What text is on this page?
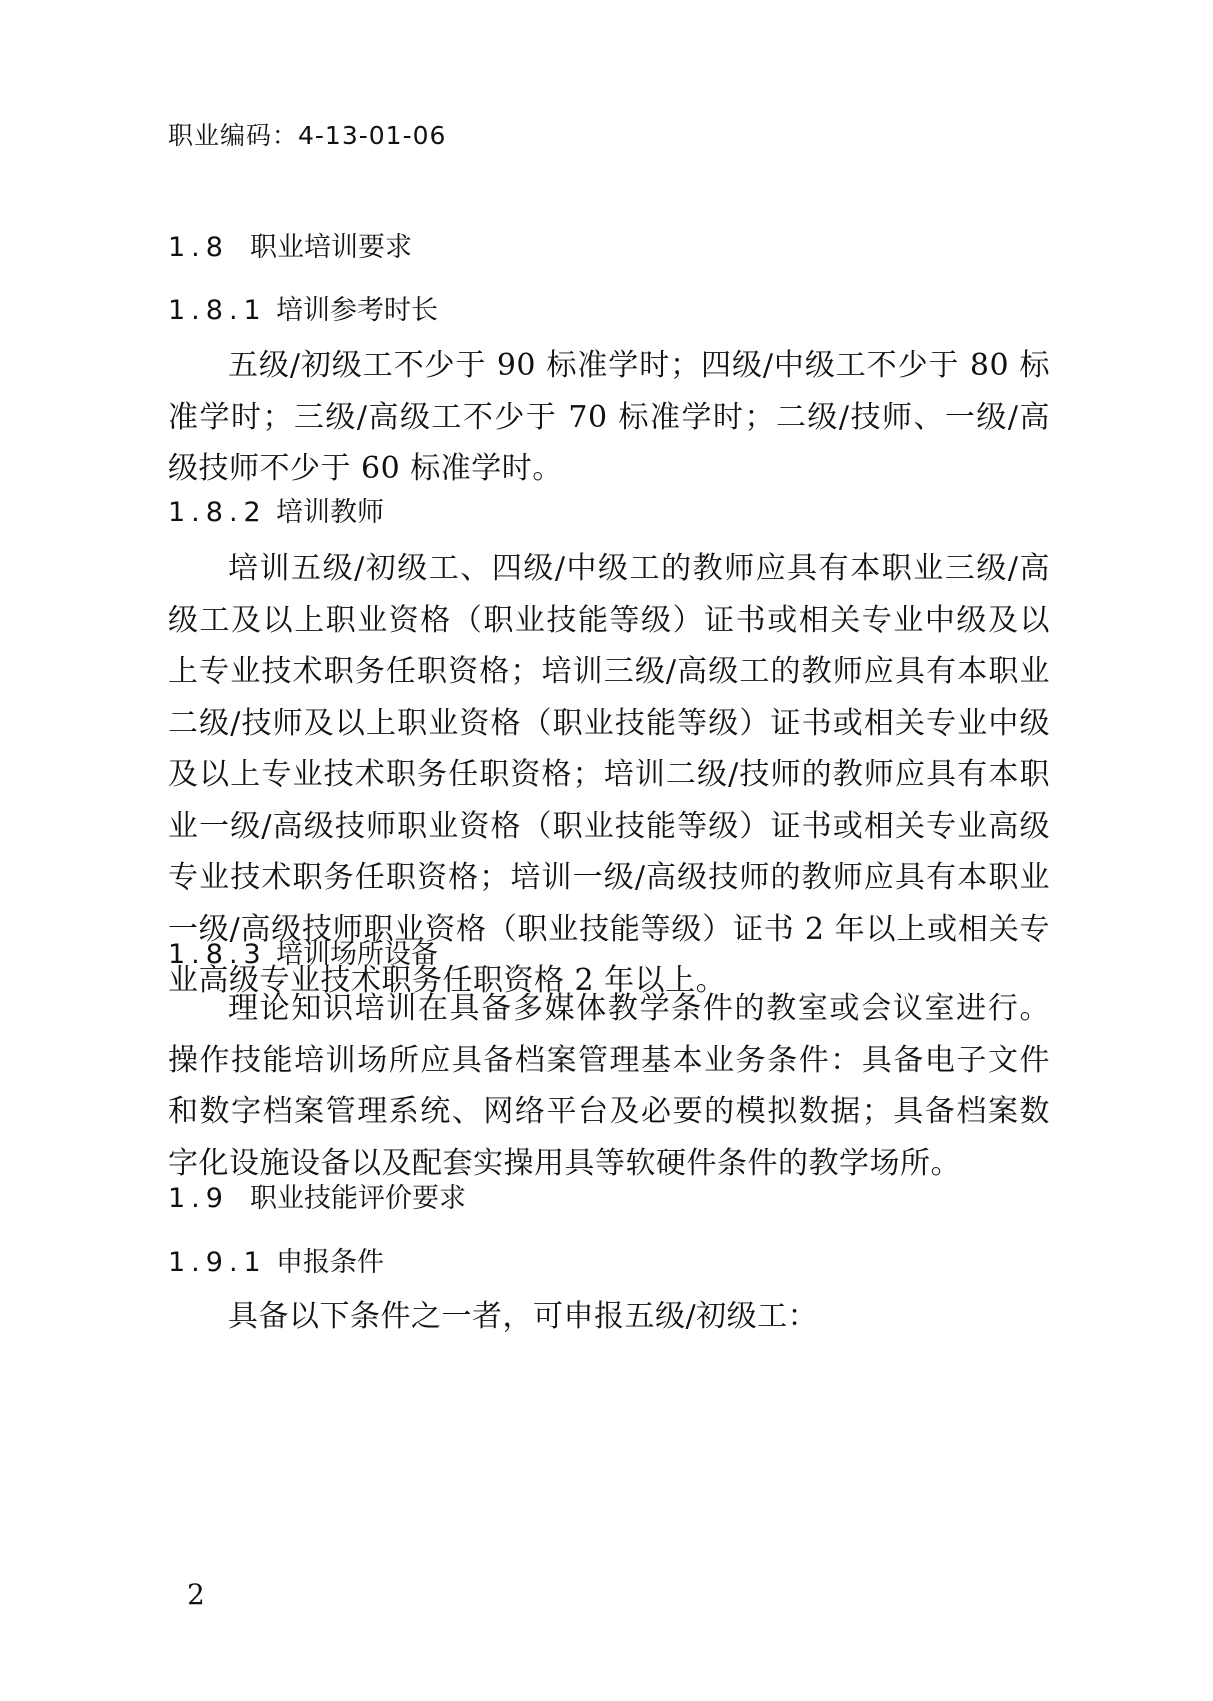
职业编码：4-13-01-06
1.8 职业培训要求
1.8.1 培训参考时长
五级/初级工不少于 90 标准学时；四级/中级工不少于 80 标准学时；三级/高级工不少于 70 标准学时；二级/技师、一级/高级技师不少于 60 标准学时。
1.8.2 培训教师
培训五级/初级工、四级/中级工的教师应具有本职业三级/高级工及以上职业资格（职业技能等级）证书或相关专业中级及以上专业技术职务任职资格；培训三级/高级工的教师应具有本职业二级/技师及以上职业资格（职业技能等级）证书或相关专业中级及以上专业技术职务任职资格；培训二级/技师的教师应具有本职业一级/高级技师职业资格（职业技能等级）证书或相关专业高级专业技术职务任职资格；培训一级/高级技师的教师应具有本职业一级/高级技师职业资格（职业技能等级）证书 2 年以上或相关专业高级专业技术职务任职资格 2 年以上。
1.8.3 培训场所设备
理论知识培训在具备多媒体教学条件的教室或会议室进行。操作技能培训场所应具备档案管理基本业务条件：具备电子文件和数字档案管理系统、网络平台及必要的模拟数据；具备档案数字化设施设备以及配套实操用具等软硬件条件的教学场所。
1.9 职业技能评价要求
1.9.1 申报条件
具备以下条件之一者，可申报五级/初级工：
2
